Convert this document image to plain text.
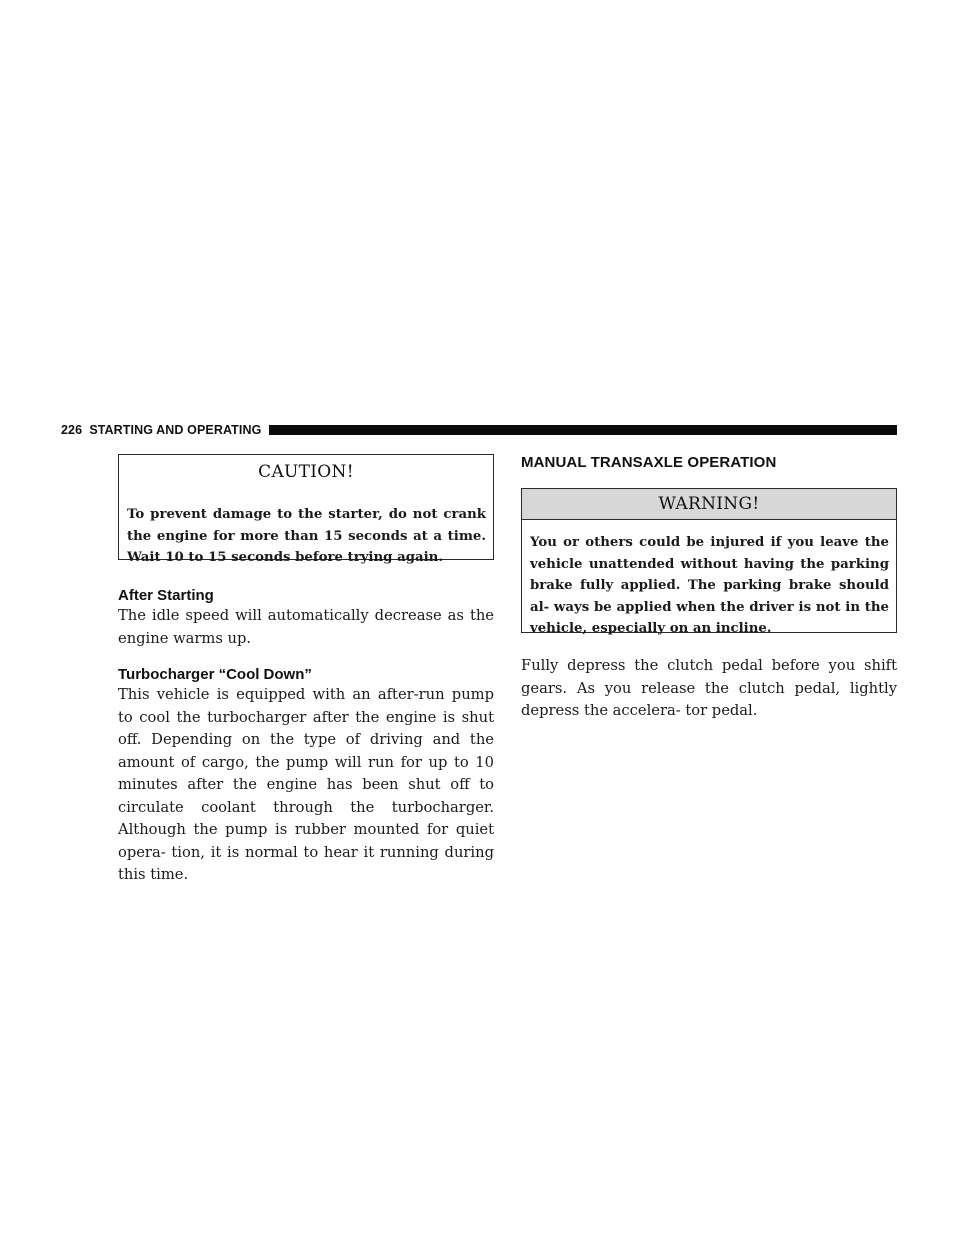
226 STARTING AND OPERATING
CAUTION!
To prevent damage to the starter, do not crank the engine for more than 15 seconds at a time. Wait 10 to 15 seconds before trying again.
After Starting

The idle speed will automatically decrease as the engine warms up.

Turbocharger “Cool Down”

This vehicle is equipped with an after-run pump to cool the turbocharger after the engine is shut off. Depending on the type of driving and the amount of cargo, the pump will run for up to 10 minutes after the engine has been shut off to circulate coolant through the turbocharger. Although the pump is rubber mounted for quiet opera- tion, it is normal to hear it running during this time.

MANUAL TRANSAXLE OPERATION
WARNING!
You or others could be injured if you leave the vehicle unattended without having the parking brake fully applied. The parking brake should al- ways be applied when the driver is not in the vehicle, especially on an incline.

Fully depress the clutch pedal before you shift gears. As you release the clutch pedal, lightly depress the accelera- tor pedal.
